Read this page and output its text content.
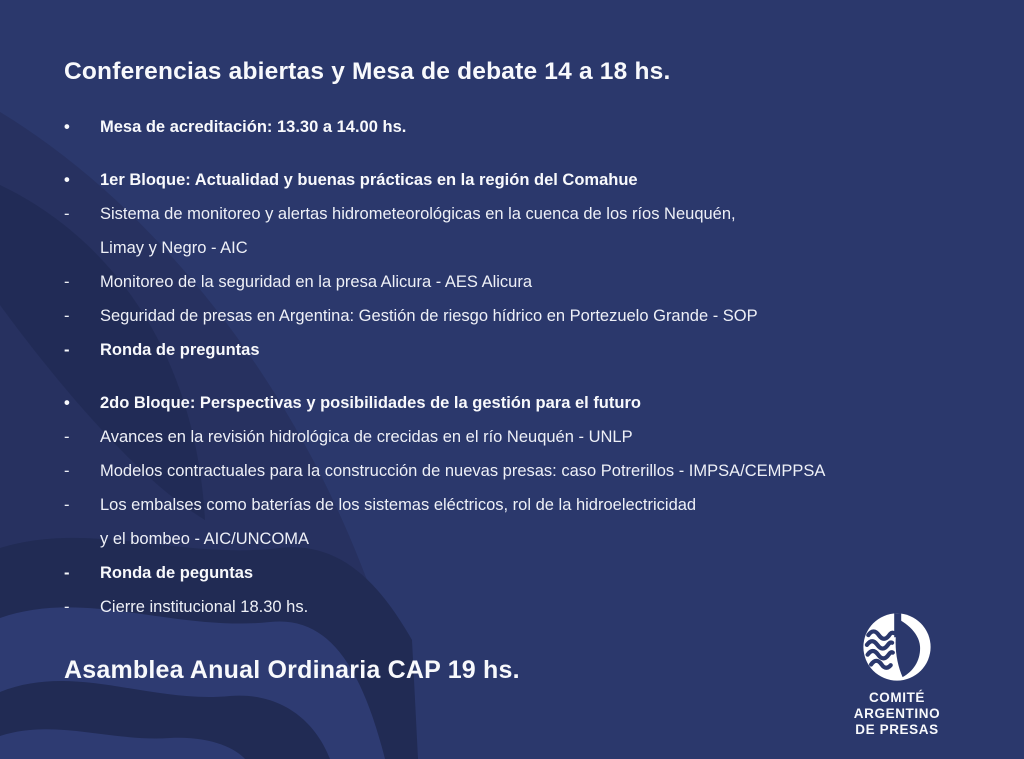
Conferencias abiertas y Mesa de debate 14 a 18 hs.
•	Mesa de acreditación: 13.30 a 14.00 hs.
•	1er Bloque: Actualidad y buenas prácticas en la región del Comahue
-	Sistema de monitoreo y alertas hidrometeorológicas en la cuenca de los ríos Neuquén,
Limay y Negro - AIC
-	Monitoreo de la seguridad en la presa Alicura - AES Alicura
-	Seguridad de presas en Argentina: Gestión de riesgo hídrico en Portezuelo Grande - SOP
-	Ronda de preguntas
•	2do Bloque: Perspectivas y posibilidades de la gestión para el futuro
-	Avances en la revisión hidrológica de crecidas en el río Neuquén - UNLP
-	Modelos contractuales para la construcción de nuevas presas: caso Potrerillos - IMPSA/CEMPPSA
-	Los embalses como baterías de los sistemas eléctricos, rol de la hidroelectricidad
y el bombeo - AIC/UNCOMA
-	Ronda de peguntas
-	Cierre institucional 18.30 hs.
Asamblea Anual Ordinaria CAP 19 hs.
COMITÉ
ARGENTINO
DE PRESAS
